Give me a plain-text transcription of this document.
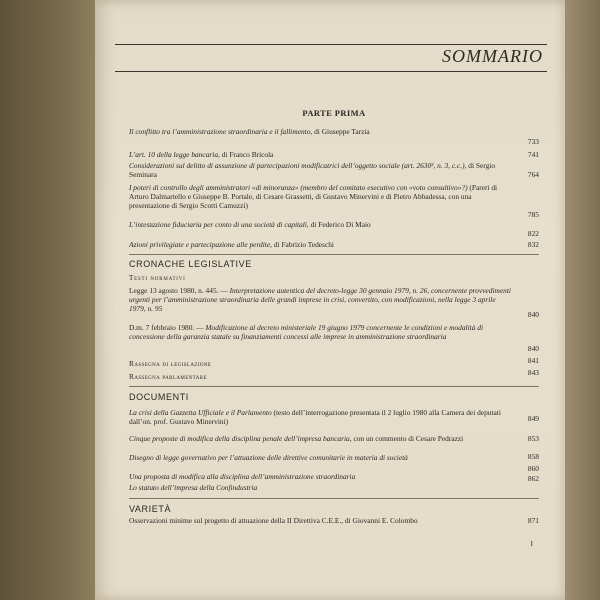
SOMMARIO
PARTE PRIMA
Il conflitto tra l’amministrazione straordinaria e il fallimento, di Giuseppe Tarzia
733
L’art. 10 della legge bancaria, di Franco Bricola	741
Considerazioni sul delitto di assunzione di partecipazioni modificatrici dell’oggetto sociale (art. 2630², n. 3, c.c.), di Sergio Seminara	764
I poteri di controllo degli amministratori «di minoranza» (membro del comitato esecutivo con «voto consultivo»?) (Pareri di Arturo Dalmartello e Giuseppe B. Portale, di Cesare Grassetti, di Gustavo Minervini e di Pietro Abbadessa, con una presentazione di Sergio Scotti Camuzzi)
785
L’intestazione fiduciaria per conto di una società di capitali, di Federico Di Maio
822
Azioni privilegiate e partecipazione alle perdite, di Fabrizio Tedeschi	832
CRONACHE LEGISLATIVE
Testi normativi
Legge 13 agosto 1980, n. 445. — Interpretazione autentica del decreto-legge 30 gennaio 1979, n. 26, concernente provvedimenti urgenti per l’amministrazione straordinaria delle grandi imprese in crisi, convertito, con modificazioni, nella legge 3 aprile 1979, n. 95
840
D.m. 7 febbraio 1980. — Modificazione al decreto ministeriale 19 giugno 1979 concernente le condizioni e modalità di concessione della garanzia statale su finanziamenti concessi alle imprese in amministrazione straordinaria
840
Rassegna di legislazione	841
Rassegna parlamentare	843
DOCUMENTI
La crisi della Gazzetta Ufficiale e il Parlamento (testo dell’interrogazione presentata il 2 luglio 1980 alla Camera dei deputati dall’on. prof. Gustavo Minervini)	849
Cinque proposte di modifica della disciplina penale dell’impresa bancaria, con un commento di Cesare Pedrazzi	853
Disegno di legge governativo per l’attuazione delle direttive comunitarie in materia di società	858
Una proposta di modifica alla disciplina dell’amministrazione straordinaria
860
Lo statuto dell’impresa della Confindustria
862
VARIETÀ
Osservazioni minime sul progetto di attuazione della II Direttiva C.E.E., di Giovanni E. Colombo	871
I
